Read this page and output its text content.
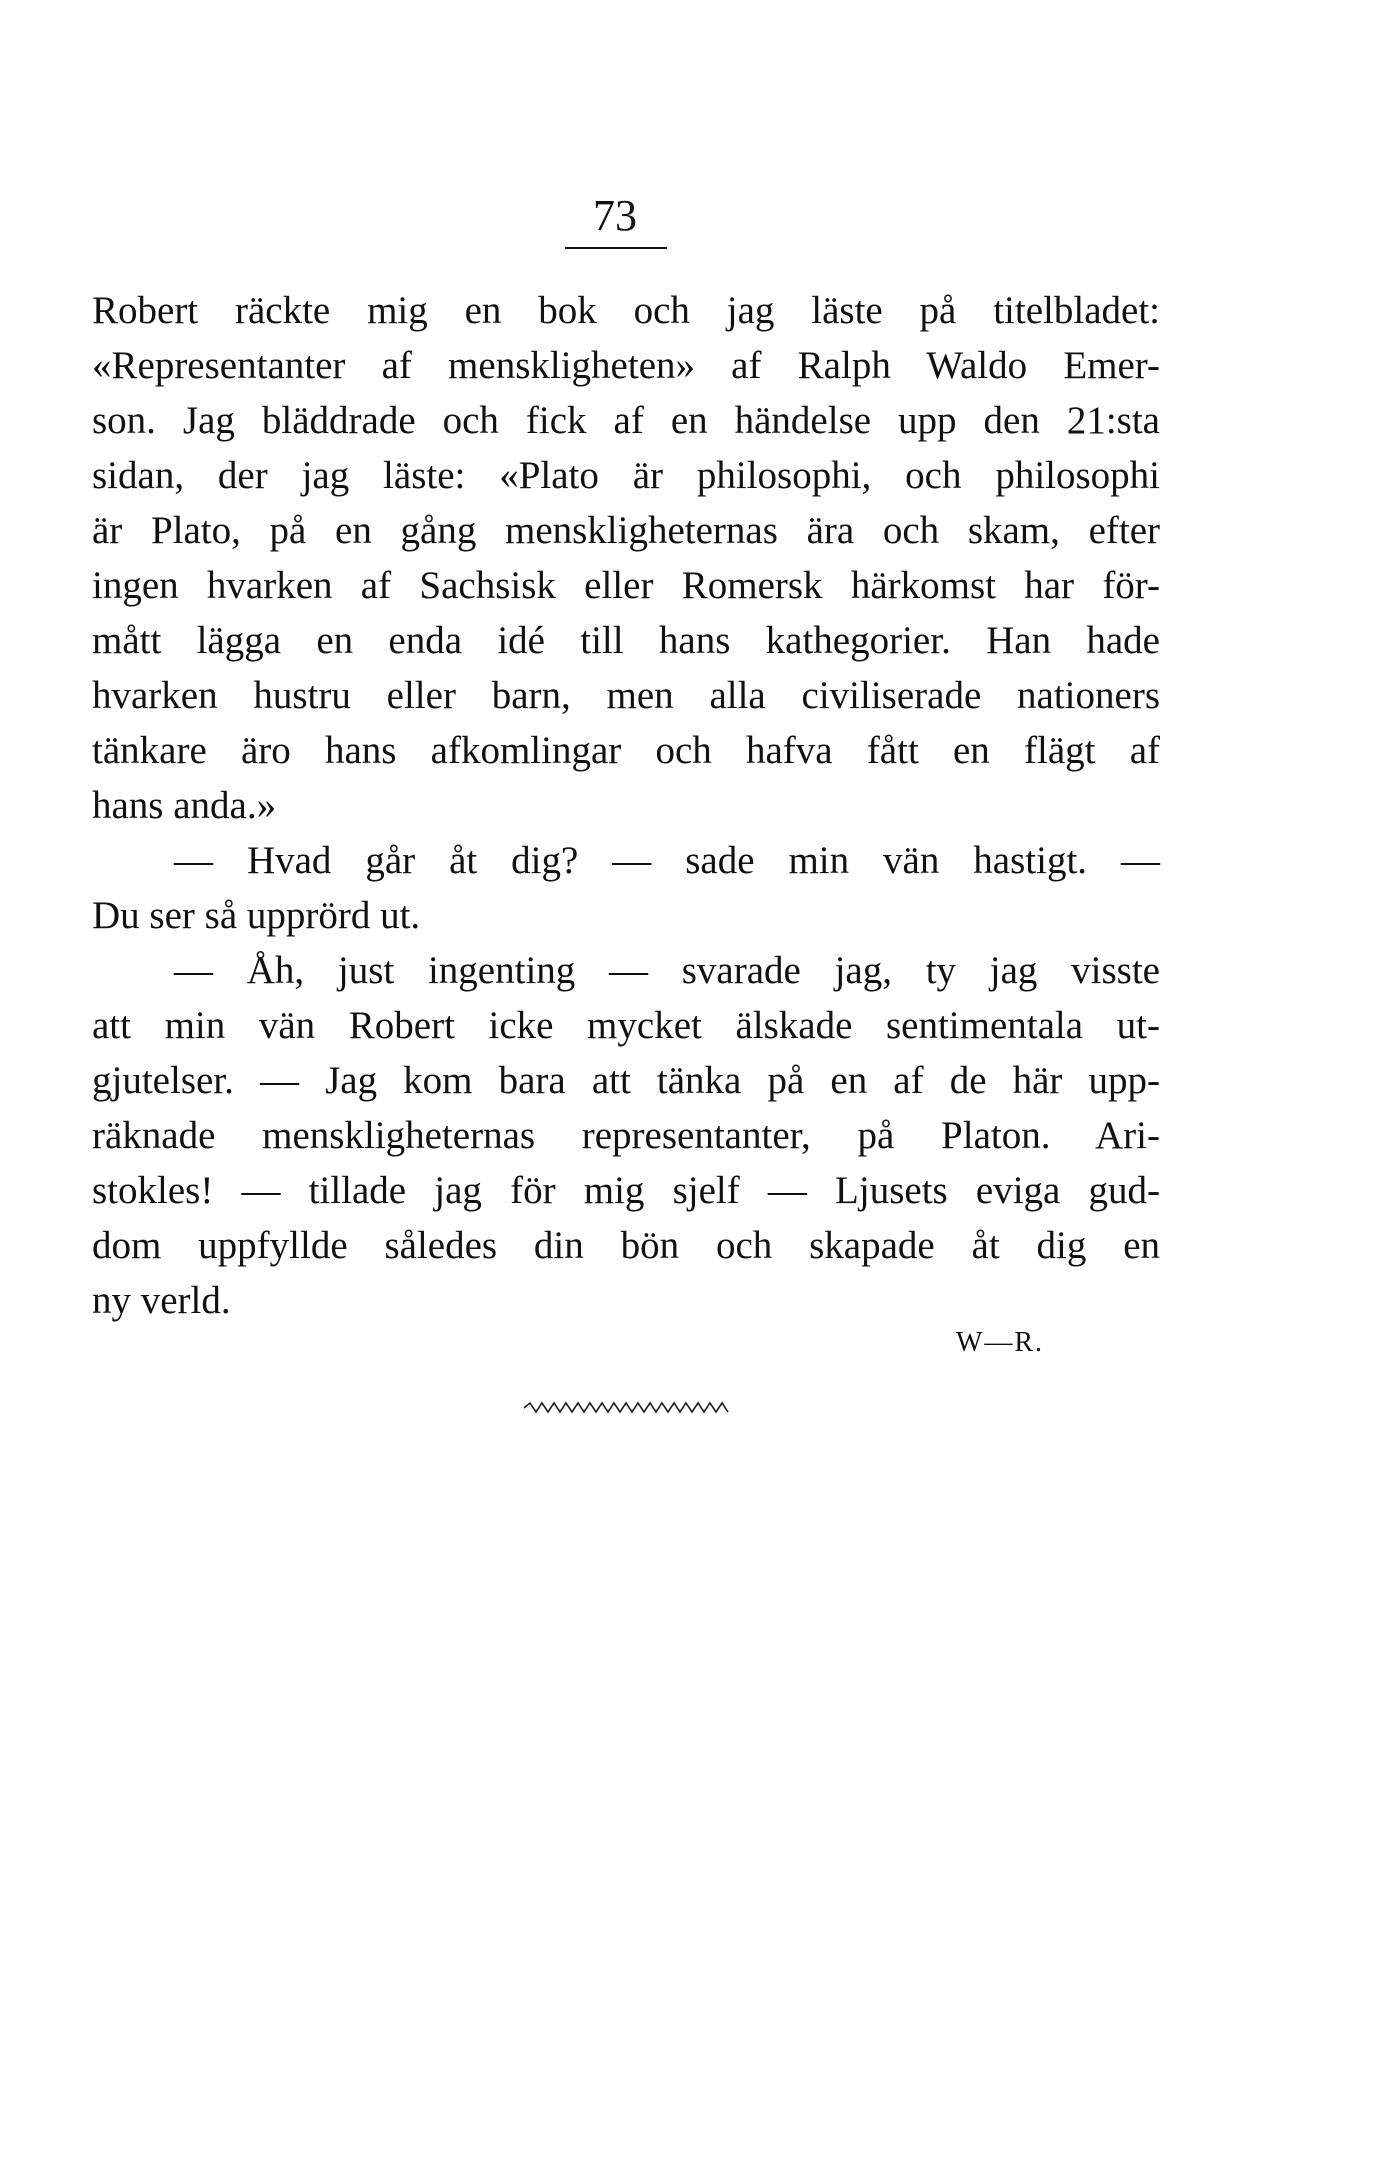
73
Robert räckte mig en bok och jag läste på titelbladet:
«Representanter af menskligheten» af Ralph Waldo Emer-
son. Jag bläddrade och fick af en händelse upp den 21:sta
sidan, der jag läste: «Plato är philosophi, och philosophi
är Plato, på en gång menskligheternas ära och skam, efter
ingen hvarken af Sachsisk eller Romersk härkomst har för-
mått lägga en enda idé till hans kathegorier. Han hade
hvarken hustru eller barn, men alla civiliserade nationers
tänkare äro hans afkomlingar och hafva fått en flägt af
hans anda.»
— Hvad går åt dig? — sade min vän hastigt. —
Du ser så upprörd ut.
— Åh, just ingenting — svarade jag, ty jag visste
att min vän Robert icke mycket älskade sentimentala ut-
gjutelser. — Jag kom bara att tänka på en af de här upp-
räknade menskligheternas representanter, på Platon. Ari-
stokles! — tillade jag för mig sjelf — Ljusets eviga gud-
dom uppfyllde således din bön och skapade åt dig en
ny verld.
W—R.
